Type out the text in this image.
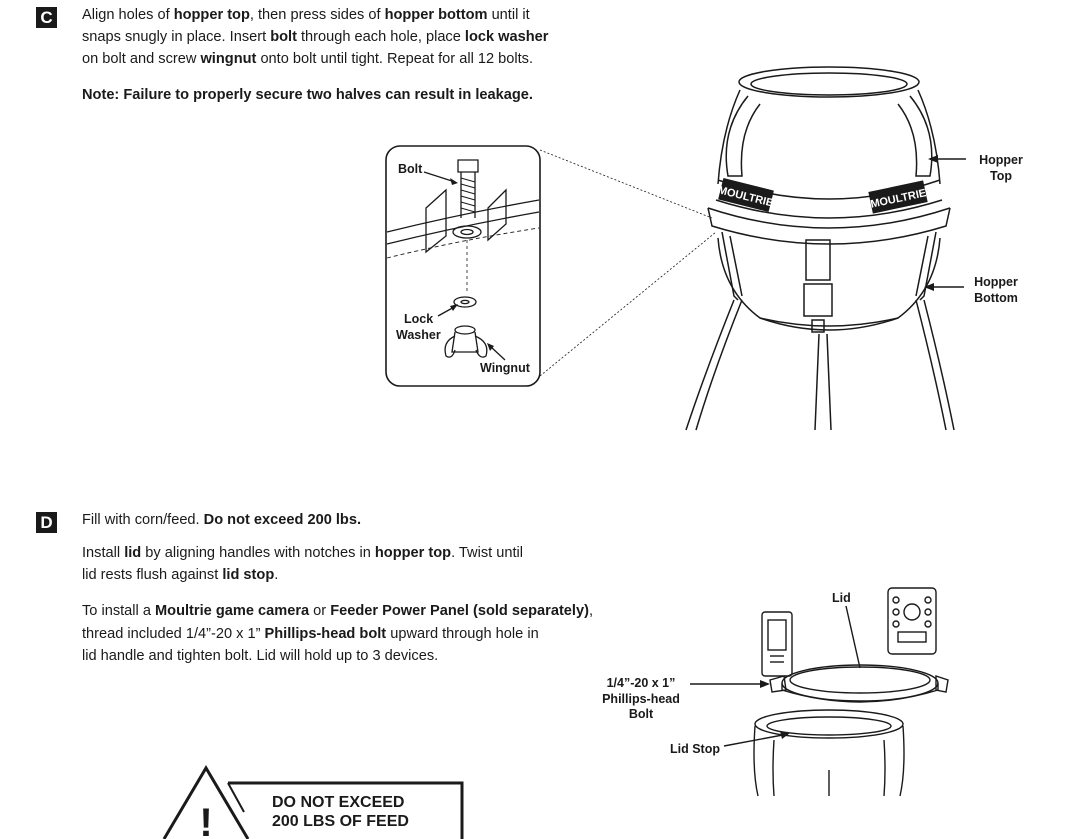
C Align holes of hopper top, then press sides of hopper bottom until it

snaps snugly in place. Insert bolt through each hole, place lock washer

on bolt and screw wingnut onto bolt until tight. Repeat for all 12 bolts.

Note: Failure to properly secure two halves can result in leakage.

Bolt
Lock
Washer
Wingnut
MOULTRIE	MOULTRIE
Hopper
Top
Hopper
Bottom
D Fill with corn/feed. Do not exceed 200 lbs.

Install lid by aligning handles with notches in hopper top. Twist until

lid rests flush against lid stop.

To install a Moultrie game camera or Feeder Power Panel (sold separately),

thread included 1/4”-20 x 1” Phillips-head bolt upward through hole in

lid handle and tighten bolt. Lid will hold up to 3 devices.

Lid
1/4”-20 x 1”
Phillips-head
Bolt
Lid Stop
!	DO NOT EXCEED
200 LBS OF FEED
